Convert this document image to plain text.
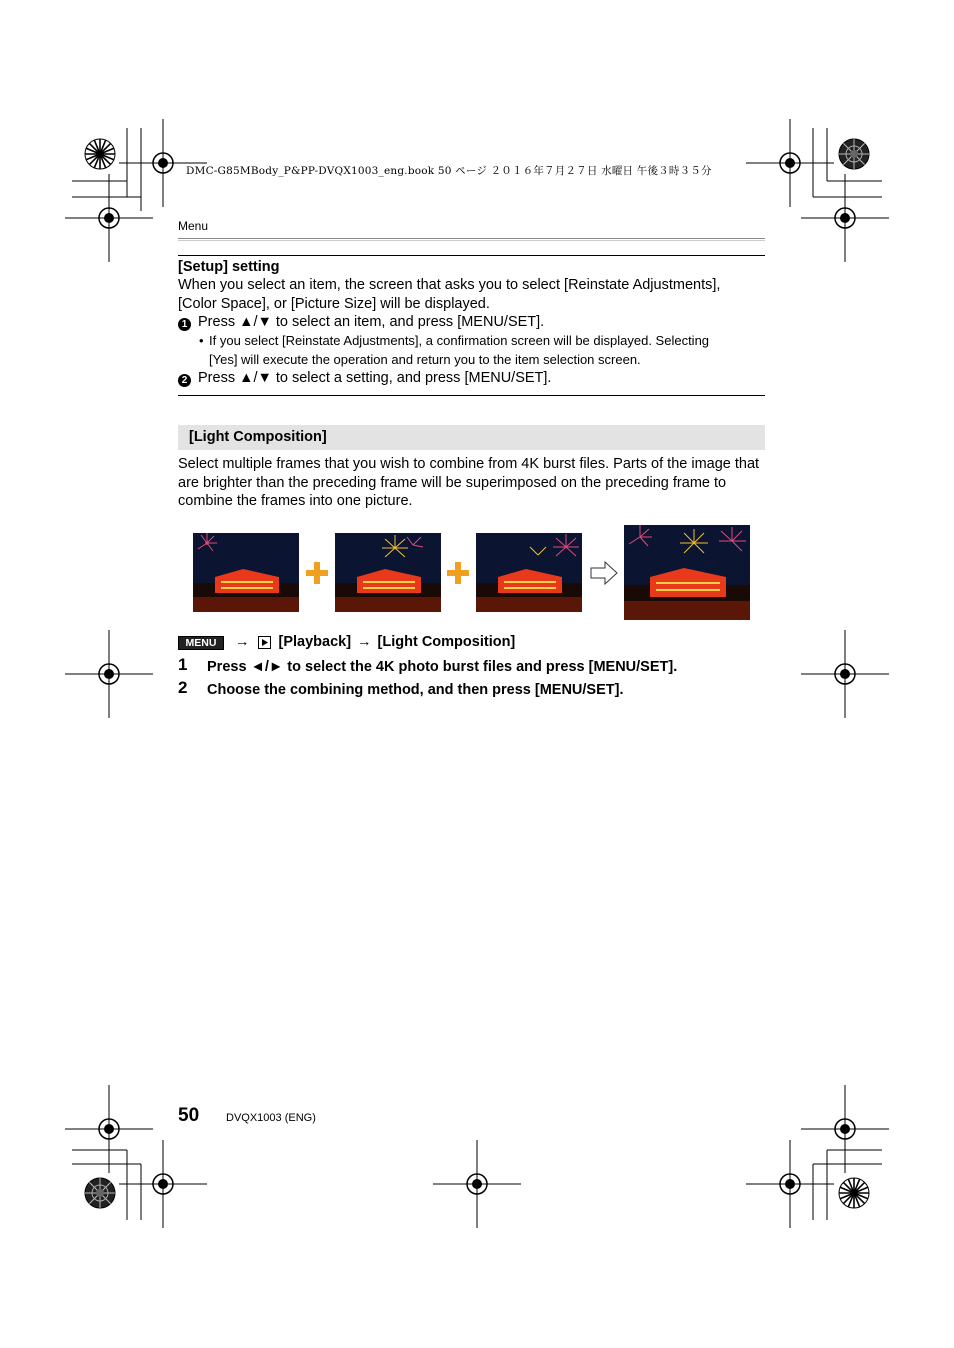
DMC-G85MBody_P&PP-DVQX1003_eng.book 50 ページ ２０１６年７月２７日 水曜日 午後３時３５分
Menu
[Setup] setting
When you select an item, the screen that asks you to select [Reinstate Adjustments],
[Color Space], or [Picture Size] will be displayed.
1 Press ▲/▼ to select an item, and press [MENU/SET].
• If you select [Reinstate Adjustments], a confirmation screen will be displayed. Selecting
[Yes] will execute the operation and return you to the item selection screen.
2 Press ▲/▼ to select a setting, and press [MENU/SET].
[Light Composition]
Select multiple frames that you wish to combine from 4K burst files. Parts of the image that
are brighter than the preceding frame will be superimposed on the preceding frame to
combine the frames into one picture.
MENU	→ [Playback] → [Light Composition]
1 Press ◄/► to select the 4K photo burst files and press [MENU/SET].
2 Choose the combining method, and then press [MENU/SET].
50 DVQX1003 (ENG)
